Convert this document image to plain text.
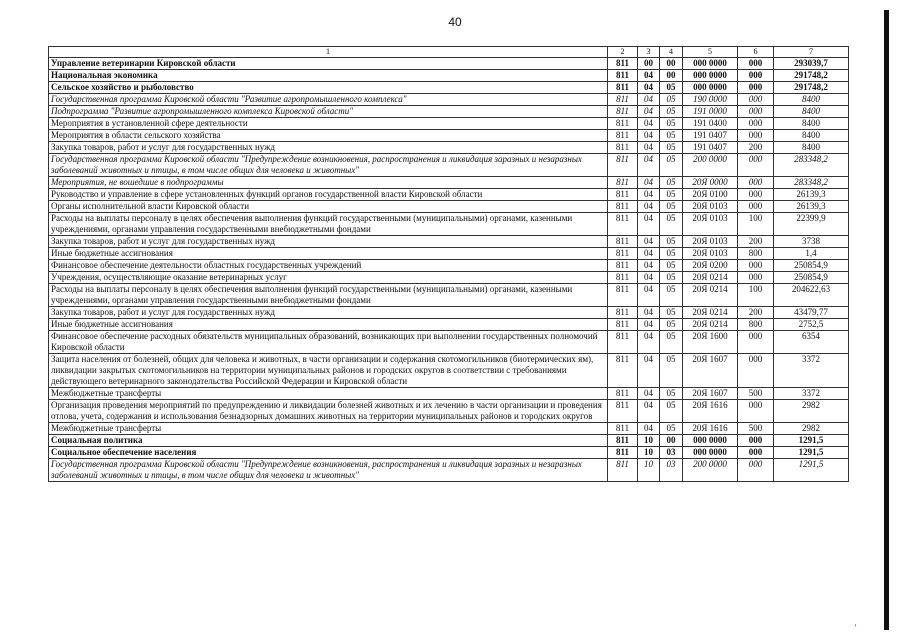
40
1	2	3	4	5	6	7
Управление ветеринарии Кировской области	811	00	00	000 0000	000	293039,7
Национальная экономика	811	04	00	000 0000	000	291748,2
Сельское хозяйство и рыболовство	811	04	05	000 0000	000	291748,2
Государственная программа Кировской области "Развитие агропромышленного комплекса"	811	04	05	190 0000	000	8400
Подпрограмма "Развитие агропромышленного комплекса Кировской области"	811	04	05	191 0000	000	8400
Мероприятия в установленной сфере деятельности	811	04	05	191 0400	000	8400
Мероприятия в области сельского хозяйства	811	04	05	191 0407	000	8400
Закупка товаров, работ и услуг для государственных нужд	811	04	05	191 0407	200	8400
Государственная программа Кировской области "Предупреждение возникновения, распространения и ликвидация заразных и незаразных заболеваний животных и птицы, в том числе общих для человека и животных"	811	04	05	200 0000	000	283348,2
Мероприятия, не вошедшие в подпрограммы	811	04	05	20Я 0000	000	283348,2
Руководство и управление в сфере установленных функций органов государственной власти Кировской области	811	04	05	20Я 0100	000	26139,3
Органы исполнительной власти Кировской области	811	04	05	20Я 0103	000	26139,3
Расходы на выплаты персоналу в целях обеспечения выполнения функций государственными (муниципальными) органами, казенными учреждениями, органами управления государственными внебюджетными фондами	811	04	05	20Я 0103	100	22399,9
Закупка товаров, работ и услуг для государственных нужд	811	04	05	20Я 0103	200	3738
Иные бюджетные ассигнования	811	04	05	20Я 0103	800	1,4
Финансовое обеспечение деятельности областных государственных учреждений	811	04	05	20Я 0200	000	250854,9
Учреждения, осуществляющие оказание ветеринарных услуг	811	04	05	20Я 0214	000	250854,9
Расходы на выплаты персоналу в целях обеспечения выполнения функций государственными (муниципальными) органами, казенными учреждениями, органами управления государственными внебюджетными фондами	811	04	05	20Я 0214	100	204622,63
Закупка товаров, работ и услуг для государственных нужд	811	04	05	20Я 0214	200	43479,77
Иные бюджетные ассигнования	811	04	05	20Я 0214	800	2752,5
Финансовое обеспечение расходных обязательств муниципальных образований, возникающих при выполнении государственных полномочий Кировской области	811	04	05	20Я 1600	000	6354
Защита населения от болезней, общих для человека и животных, в части организации и содержания скотомогильников (биотермических ям), ликвидации закрытых скотомогильников на территории муниципальных районов и городских округов в соответствии с требованиями действующего ветеринарного законодательства Российской Федерации и Кировской области	811	04	05	20Я 1607	000	3372
Межбюджетные трансферты	811	04	05	20Я 1607	500	3372
Организация проведения мероприятий по предупреждению и ликвидации болезней животных и их лечению в части организации и проведения отлова, учета, содержания и использования безнадзорных домашних животных на территории муниципальных районов и городских округов	811	04	05	20Я 1616	000	2982
Межбюджетные трансферты	811	04	05	20Я 1616	500	2982
Социальная политика	811	10	00	000 0000	000	1291,5
Социальное обеспечение населения	811	10	03	000 0000	000	1291,5
Государственная программа Кировской области "Предупреждение возникновения, распространения и ликвидация заразных и незаразных заболеваний животных и птицы, в том числе общих для человека и животных"	811	10	03	200 0000	000	1291,5
'
